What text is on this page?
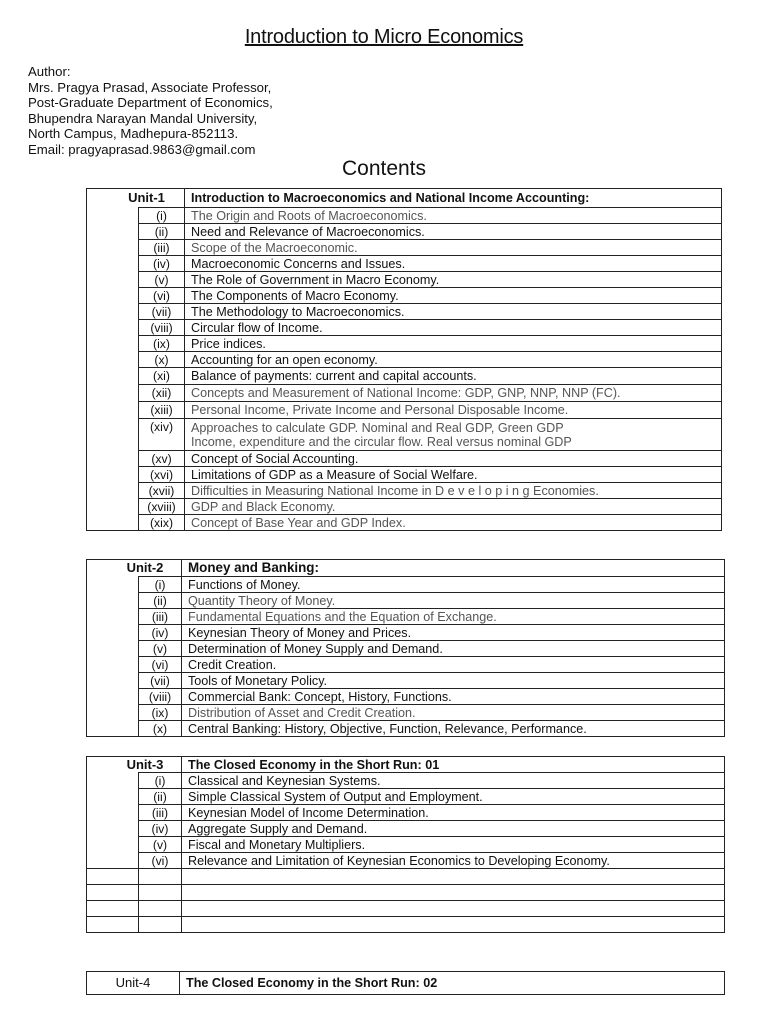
Introduction to Micro Economics
Author:
Mrs. Pragya Prasad, Associate Professor,
Post-Graduate Department of Economics,
Bhupendra Narayan Mandal University,
North Campus, Madhepura-852113.
Email: pragyaprasad.9863@gmail.com
Contents
Unit-1		Introduction to Macroeconomics and National Income Accounting:
	(i)	The Origin and Roots of Macroeconomics.
	(ii)	Need and Relevance of Macroeconomics.
	(iii)	Scope of the Macroeconomic.
	(iv)	Macroeconomic Concerns and Issues.
	(v)	The Role of Government in Macro Economy.
	(vi)	The Components of Macro Economy.
	(vii)	The Methodology to Macroeconomics.
	(viii)	Circular flow of Income.
	(ix)	Price indices.
	(x)	Accounting for an open economy.
	(xi)	Balance of payments: current and capital accounts.
	(xii)	Concepts and Measurement of National Income: GDP, GNP, NNP, NNP (FC).
	(xiii)	Personal Income, Private Income and Personal Disposable Income.
	(xiv)	Approaches to calculate GDP. Nominal and Real GDP, Green GDP
Income, expenditure and the circular flow. Real versus nominal GDP

	(xv)	Concept of Social Accounting.
	(xvi)	Limitations of GDP as a Measure of Social Welfare.
	(xvii)	Difficulties in Measuring National Income in D e v e l o p i n g Economies.
	(xviii)	GDP and Black Economy.
	(xix)	Concept of Base Year and GDP Index.
Unit-2		Money and Banking:
	(i)	Functions of Money.
	(ii)	Quantity Theory of Money.
	(iii)	Fundamental Equations and the Equation of Exchange.
	(iv)	Keynesian Theory of Money and Prices.
	(v)	Determination of Money Supply and Demand.
	(vi)	Credit Creation.
	(vii)	Tools of Monetary Policy.
	(viii)	Commercial Bank: Concept, History, Functions.
	(ix)	Distribution of Asset and Credit Creation.
	(x)	Central Banking: History, Objective, Function, Relevance, Performance.
Unit-3		The Closed Economy in the Short Run: 01
	(i)	Classical and Keynesian Systems.
	(ii)	Simple Classical System of Output and Employment.
	(iii)	Keynesian Model of Income Determination.
	(iv)	Aggregate Supply and Demand.
	(v)	Fiscal and Monetary Multipliers.
	(vi)	Relevance and Limitation of Keynesian Economics to Developing Economy.

Unit-4	The Closed Economy in the Short Run: 02
